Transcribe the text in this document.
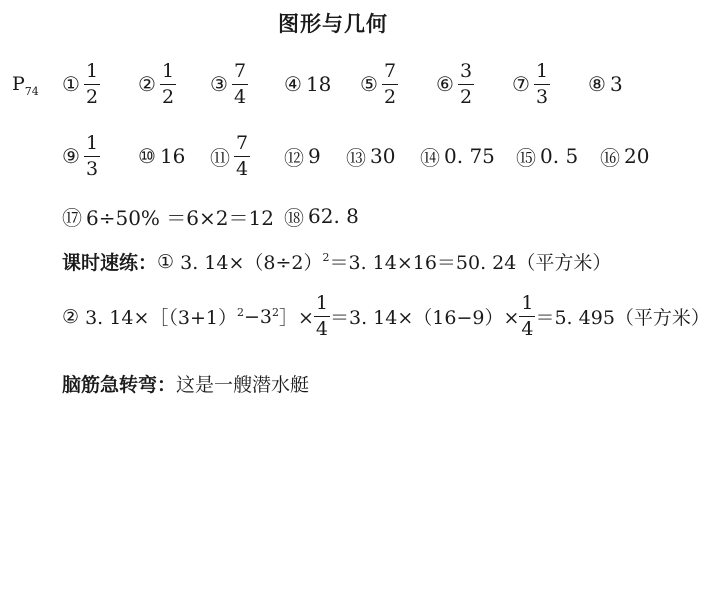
图形与几何
$P_{74}$ ① $\frac{1}{2}$ ② $\frac{1}{2}$ ③ $\frac{7}{4}$ ④ 18 ⑤ $\frac{7}{2}$ ⑥ $\frac{3}{2}$ ⑦ $\frac{1}{3}$ ⑧ 3
⑨ $\frac{1}{3}$ ⑩ 16 ⑪ $\frac{7}{4}$ ⑫ 9 ⑬ 30 ⑭ 0. 75 ⑮ 0. 5 ⑯ 20
⑰ 6÷50% ＝6×2＝12 ⑱ 62. 8
课时速练： ①
3. $14\times(8\div 2)^2 =3$. 14×16＝50. 24（平方米）
②
3. $14\times[(3+1)^2 -3^2$ ］× $\frac{1}{4} =3$. $14\times(16-9)\times \frac{1}{4} =5$. 495（平方米）
脑筋急转弯： 这是一艘潜水艇
